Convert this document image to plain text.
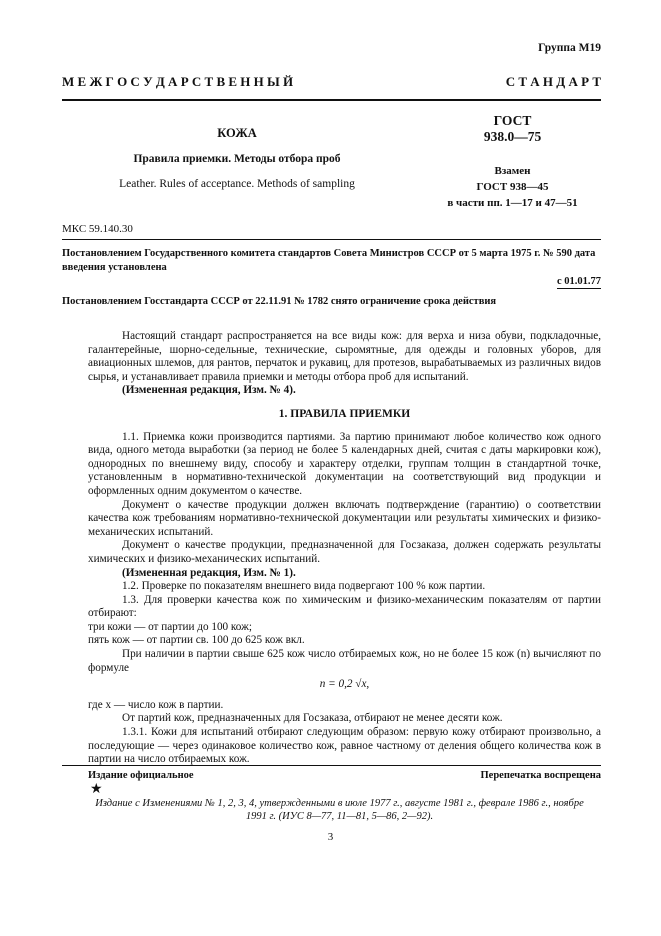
Группа М19
М Е Ж Г О С У Д А Р С Т В Е Н Н Ы Й	С Т А Н Д А Р Т
КОЖА
Правила приемки. Методы отбора проб
Leather. Rules of acceptance. Methods of sampling
ГОСТ
938.0—75
Взамен
ГОСТ 938—45
в части пп. 1—17 и 47—51
МКС 59.140.30
Постановлением Государственного комитета стандартов Совета Министров СССР от 5 марта 1975 г. № 590 дата введения установлена
с 01.01.77
Постановлением Госстандарта СССР от 22.11.91 № 1782 снято ограничение срока действия

Настоящий стандарт распространяется на все виды кож: для верха и низа обуви, подкладочные, галантерейные, шорно-седельные, технические, сыромятные, для одежды и головных уборов, для авиационных шлемов, для рантов, перчаток и рукавиц, для протезов, вырабатываемых из различных видов сырья, и устанавливает правила приемки и методы отбора проб для испытаний.

(Измененная редакция, Изм. № 4).

1. ПРАВИЛА ПРИЕМКИ

1.1. Приемка кожи производится партиями. За партию принимают любое количество кож одного вида, одного метода выработки (за период не более 5 календарных дней, считая с даты маркировки кож), однородных по внешнему виду, способу и характеру отделки, группам толщин в стандартной точке, установленным в нормативно-технической документации на соответствующий вид продукции и оформленных одним документом о качестве.

Документ о качестве продукции должен включать подтверждение (гарантию) о соответствии качества кож требованиям нормативно-технической документации или результаты химических и физико-механических испытаний.

Документ о качестве продукции, предназначенной для Госзаказа, должен содержать результаты химических и физико-механических испытаний.

(Измененная редакция, Изм. № 1).

1.2. Проверке по показателям внешнего вида подвергают 100 % кож партии.

1.3. Для проверки качества кож по химическим и физико-механическим показателям от партии отбирают:

три кожи — от партии до 100 кож;

пять кож — от партии св. 100 до 625 кож вкл.

При наличии в партии свыше 625 кож число отбираемых кож, но не более 15 кож (n) вычисляют по формуле

n = 0,2 √x,

где x — число кож в партии.

От партий кож, предназначенных для Госзаказа, отбирают не менее десяти кож.

1.3.1. Кожи для испытаний отбирают следующим образом: первую кожу отбирают произвольно, а последующие — через одинаковое количество кож, равное частному от деления общего количества кож в партии на число отбираемых кож.

Издание официальное	Перепечатка воспрещена
★
Издание с Изменениями № 1, 2, 3, 4, утвержденными в июле 1977 г., августе 1981 г., феврале 1986 г., ноябре 1991 г. (ИУС 8—77, 11—81, 5—86, 2—92).
3
